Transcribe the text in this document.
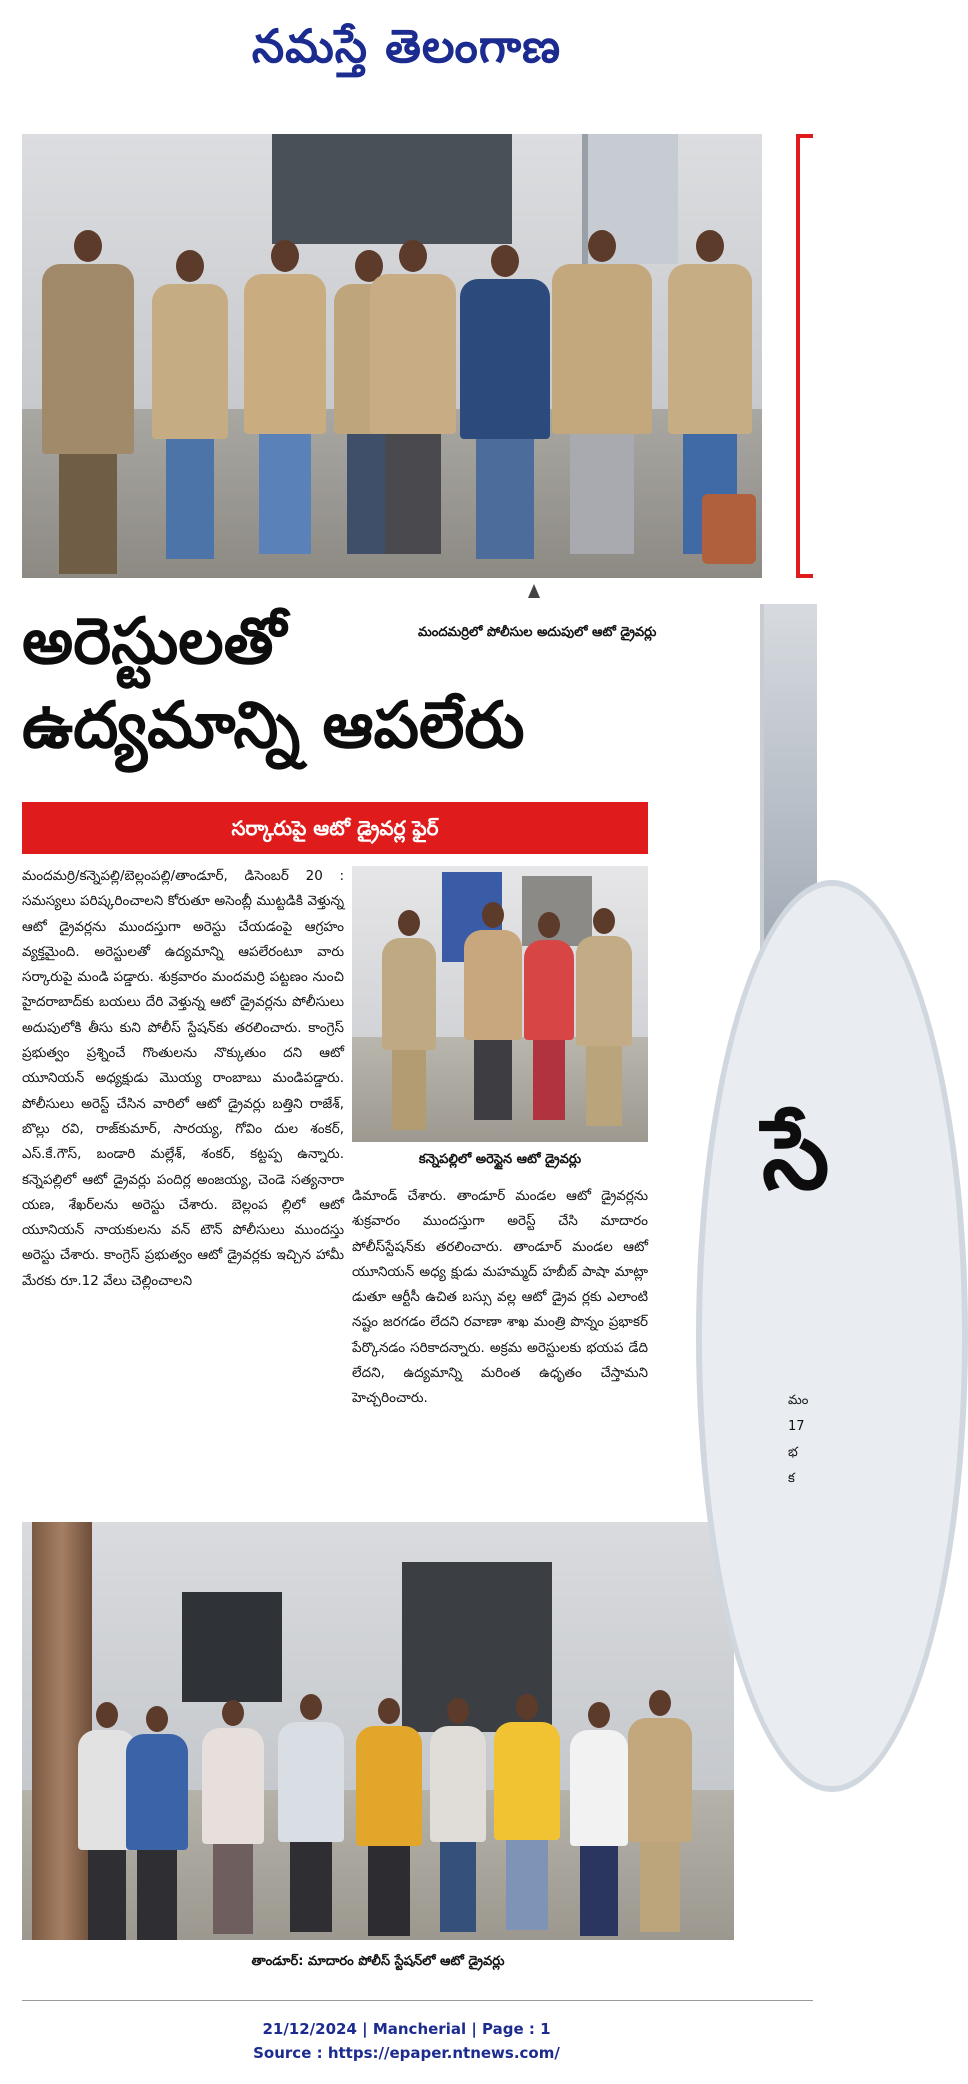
నమస్తే తెలంగాణ
మందమర్రిలో పోలీసుల అదుపులో ఆటో డ్రైవర్లు
అరెస్టులతో
ఉద్యమాన్ని ఆపలేరు
సర్కారుపై ఆటో డ్రైవర్ల ఫైర్

మందమర్రి/కన్నెపల్లి/బెల్లంపల్లి/తాండూర్, డిసెంబర్ 20 : సమస్యలు పరిష్కరించాలని కోరుతూ అసెంబ్లీ ముట్టడికి వెళ్తున్న ఆటో డ్రైవర్లను ముందస్తుగా అరెస్టు చేయడంపై ఆగ్రహం వ్యక్తమైంది. అరెస్టులతో ఉద్యమాన్ని ఆపలేరంటూ వారు సర్కారుపై మండి పడ్డారు. శుక్రవారం మందమర్రి పట్టణం నుంచి హైదరాబాద్‌కు బయలు దేరి వెళ్తున్న ఆటో డ్రైవర్లను పోలీసులు అదుపులోకి తీసు కుని పోలీస్ స్టేషన్‌కు తరలించారు. కాంగ్రెస్ ప్రభుత్వం ప్రశ్నించే గొంతులను నొక్కుతుం దని ఆటో యూనియన్ అధ్యక్షుడు మొయ్య రాంబాబు మండిపడ్డారు. పోలీసులు అరెస్ట్ చేసిన వారిలో ఆటో డ్రైవర్లు బత్తిని రాజేశ్, బొల్లు రవి, రాజ్‌కుమార్, సారయ్య, గోవిం దుల శంకర్, ఎస్.కే.గౌస్, బండారి మల్లేశ్, శంకర్, కట్టప్ప ఉన్నారు. కన్నెపల్లిలో ఆటో డ్రైవర్లు పందిర్ల అంజయ్య, చెండె సత్యనారా యణ, శేఖర్‌లను అరెస్టు చేశారు. బెల్లంప ల్లిలో ఆటో యూనియన్ నాయకులను వన్ టౌన్ పోలీసులు ముందస్తు అరెస్టు చేశారు. కాంగ్రెస్ ప్రభుత్వం ఆటో డ్రైవర్లకు ఇచ్చిన హామీ మేరకు రూ.12 వేలు చెల్లించాలని

కన్నెపల్లిలో అరెస్టైన ఆటో డ్రైవర్లు

డిమాండ్ చేశారు. తాండూర్ మండల ఆటో డ్రైవర్లను శుక్రవారం ముందస్తుగా అరెస్ట్ చేసి మాదారం పోలీస్‌స్టేషన్‌కు తరలించారు. తాండూర్ మండల ఆటో యూనియన్ అధ్య క్షుడు మహమ్మద్ హబీబ్ పాషా మాట్లా డుతూ ఆర్టీసీ ఉచిత బస్సు వల్ల ఆటో డ్రైవ ర్లకు ఎలాంటి నష్టం జరగడం లేదని రవాణా శాఖ మంత్రి పొన్నం ప్రభాకర్ పేర్కొనడం సరికాదన్నారు. అక్రమ అరెస్టులకు భయప డేది లేదని, ఉద్యమాన్ని మరింత ఉధృతం చేస్తామని హెచ్చరించారు.

తాండూర్: మాదారం పోలీస్ స్టేషన్‌లో ఆటో డ్రైవర్లు
సే
మం
17
భ
క
21/12/2024 | Mancherial | Page : 1
Source : https://epaper.ntnews.com/
